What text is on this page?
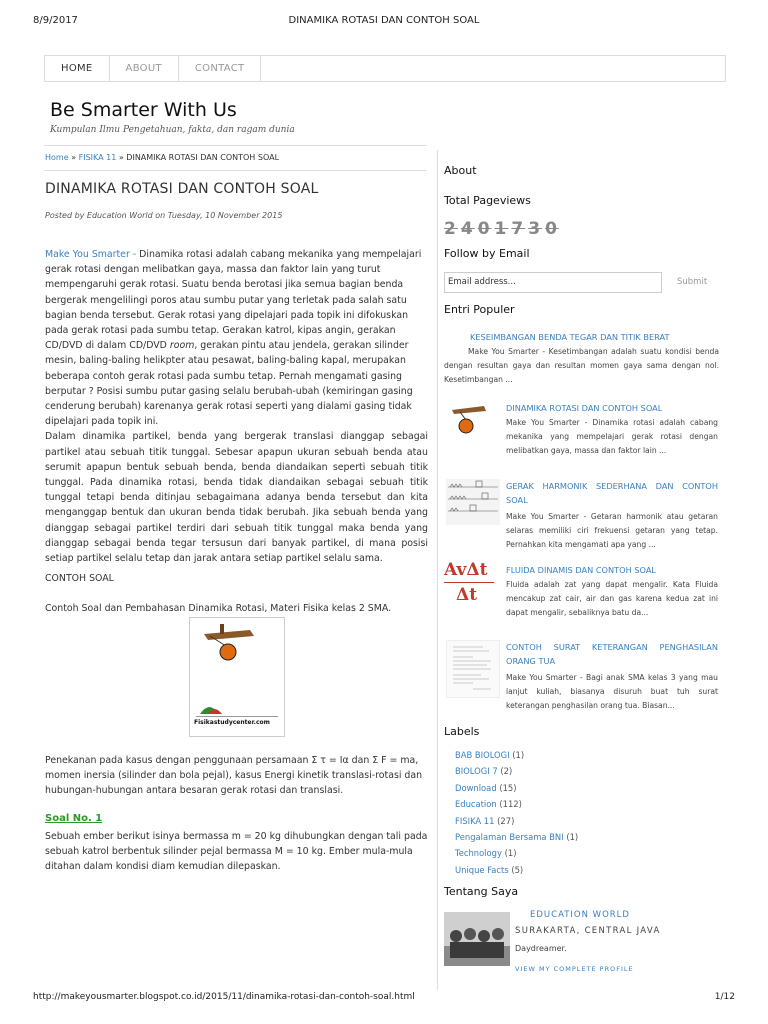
8/9/2017	DINAMIKA ROTASI DAN CONTOH SOAL
HOME	ABOUT	CONTACT
Be Smarter With Us
Kumpulan Ilmu Pengetahuan, fakta, dan ragam dunia
Home » FISIKA 11 » DINAMIKA ROTASI DAN CONTOH SOAL
DINAMIKA ROTASI DAN CONTOH SOAL
Posted by Education World on Tuesday, 10 November 2015

Make You Smarter - Dinamika rotasi adalah cabang mekanika yang mempelajari gerak rotasi dengan melibatkan gaya, massa dan faktor lain yang turut mempengaruhi gerak rotasi. Suatu benda berotasi jika semua bagian benda bergerak mengelilingi poros atau sumbu putar yang terletak pada salah satu bagian benda tersebut. Gerak rotasi yang dipelajari pada topik ini difokuskan pada gerak rotasi pada sumbu tetap. Gerakan katrol, kipas angin, gerakan CD/DVD di dalam CD/DVD room, gerakan pintu atau jendela, gerakan silinder mesin, baling-baling helikpter atau pesawat, baling-baling kapal, merupakan beberapa contoh gerak rotasi pada sumbu tetap. Pernah mengamati gasing berputar ? Posisi sumbu putar gasing selalu berubah-ubah (kemiringan gasing cenderung berubah) karenanya gerak rotasi seperti yang dialami gasing tidak dipelajari pada topik ini.

Dalam dinamika partikel, benda yang bergerak translasi dianggap sebagai partikel atau sebuah titik tunggal. Sebesar apapun ukuran sebuah benda atau serumit apapun bentuk sebuah benda, benda diandaikan seperti sebuah titik tunggal. Pada dinamika rotasi, benda tidak diandaikan sebagai sebuah titik tunggal tetapi benda ditinjau sebagaimana adanya benda tersebut dan kita menganggap bentuk dan ukuran benda tidak berubah. Jika sebuah benda yang dianggap sebagai partikel terdiri dari sebuah titik tunggal maka benda yang dianggap sebagai benda tegar tersusun dari banyak partikel, di mana posisi setiap partikel selalu tetap dan jarak antara setiap partikel selalu sama.

CONTOH SOAL
Contoh Soal dan Pembahasan Dinamika Rotasi, Materi Fisika kelas 2 SMA.
Fisikastudycenter.com
Penekanan pada kasus dengan penggunaan persamaan Σ τ = Iα dan Σ F = ma, momen inersia (silinder dan bola pejal), kasus Energi kinetik translasi-rotasi dan hubungan-hubungan antara besaran gerak rotasi dan translasi.
Soal No. 1
Sebuah ember berikut isinya bermassa m = 20 kg dihubungkan dengan tali pada sebuah katrol berbentuk silinder pejal bermassa M = 10 kg. Ember mula-mula ditahan dalam kondisi diam kemudian dilepaskan.
About
Total Pageviews
2 4 0 1 7 3 0
Follow by Email
Email address...	Submit
Entri Populer
KESEIMBANGAN BENDA TEGAR DAN TITIK BERAT
Make You Smarter - Kesetimbangan adalah suatu kondisi benda dengan resultan gaya dan resultan momen gaya sama dengan nol. Kesetimbangan ...
DINAMIKA ROTASI DAN CONTOH SOAL
Make You Smarter - Dinamika rotasi adalah cabang mekanika yang mempelajari gerak rotasi dengan melibatkan gaya, massa dan faktor lain ...
GERAK HARMONIK SEDERHANA DAN CONTOH SOAL
Make You Smarter - Getaran harmonik atau getaran selaras memiliki ciri frekuensi getaran yang tetap. Pernahkan kita mengamati apa yang ...
AvΔt
Δt
FLUIDA DINAMIS DAN CONTOH SOAL
Fluida adalah zat yang dapat mengalir. Kata Fluida mencakup zat cair, air dan gas karena kedua zat ini dapat mengalir, sebaliknya batu da...
CONTOH SURAT KETERANGAN PENGHASILAN ORANG TUA
Make You Smarter - Bagi anak SMA kelas 3 yang mau lanjut kuliah, biasanya disuruh buat tuh surat keterangan penghasilan orang tua. Biasan...
Labels
BAB BIOLOGI (1)
BIOLOGI 7 (2)
Download (15)
Education (112)
FISIKA 11 (27)
Pengalaman Bersama BNI (1)
Technology (1)
Unique Facts (5)
Tentang Saya
EDUCATION WORLD
SURAKARTA, CENTRAL JAVA
Daydreamer.
VIEW MY COMPLETE PROFILE
http://makeyousmarter.blogspot.co.id/2015/11/dinamika-rotasi-dan-contoh-soal.html	1/12
